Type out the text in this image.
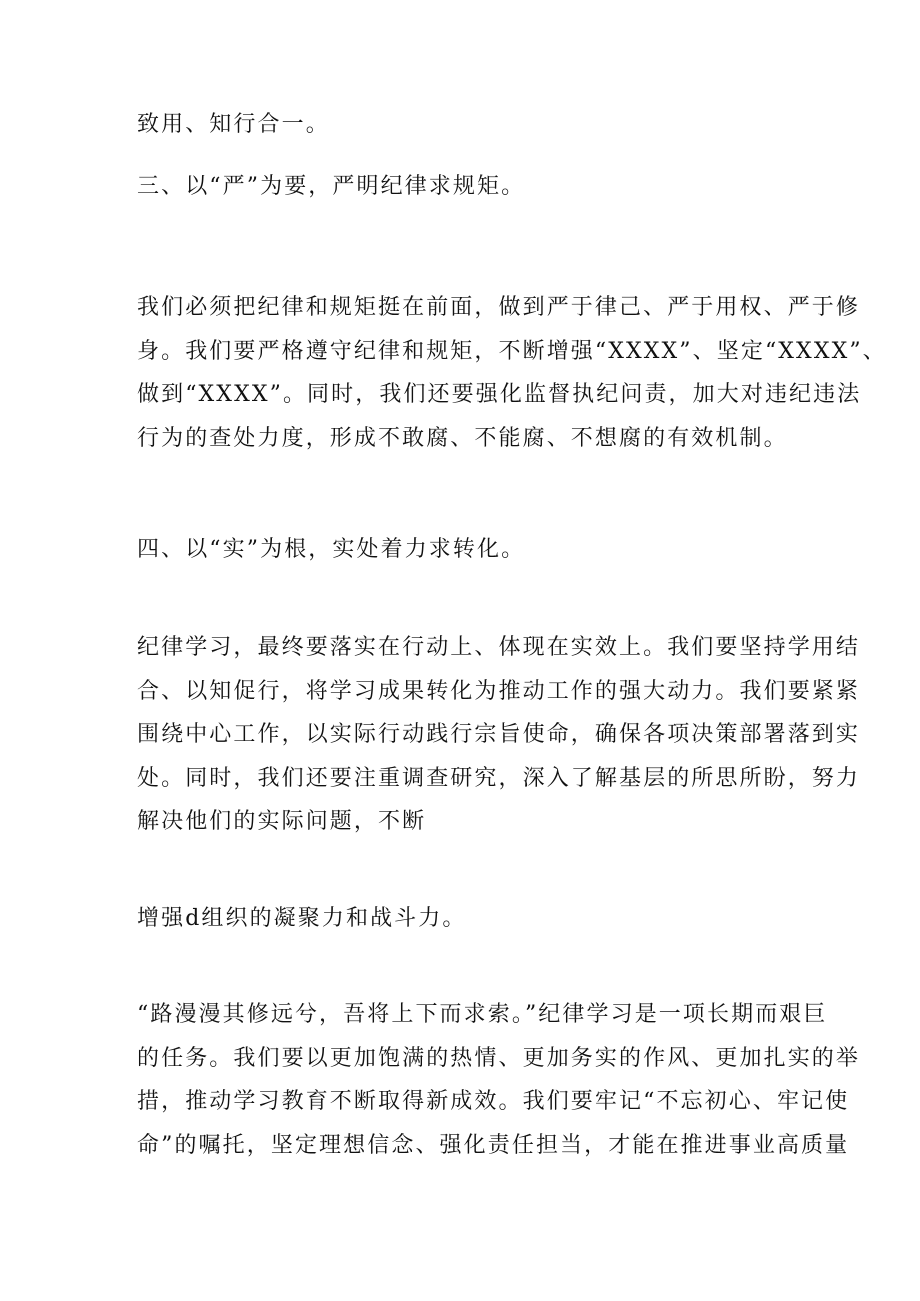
致用、知行合一。

三、以“严”为要，严明纪律求规矩。

我们必须把纪律和规矩挺在前面，做到严于律己、严于用权、严于修
身。我们要严格遵守纪律和规矩，不断增强“XXXX”、坚定“XXXX”、
做到“XXXX”。同时，我们还要强化监督执纪问责，加大对违纪违法
行为的查处力度，形成不敢腐、不能腐、不想腐的有效机制。

四、以“实”为根，实处着力求转化。

纪律学习，最终要落实在行动上、体现在实效上。我们要坚持学用结
合、以知促行，将学习成果转化为推动工作的强大动力。我们要紧紧
围绕中心工作，以实际行动践行宗旨使命，确保各项决策部署落到实
处。同时，我们还要注重调查研究，深入了解基层的所思所盼，努力
解决他们的实际问题，不断

增强d组织的凝聚力和战斗力。

“路漫漫其修远兮，吾将上下而求索。”纪律学习是一项长期而艰巨
的任务。我们要以更加饱满的热情、更加务实的作风、更加扎实的举
措，推动学习教育不断取得新成效。我们要牢记“不忘初心、牢记使
命”的嘱托，坚定理想信念、强化责任担当，才能在推进事业高质量
